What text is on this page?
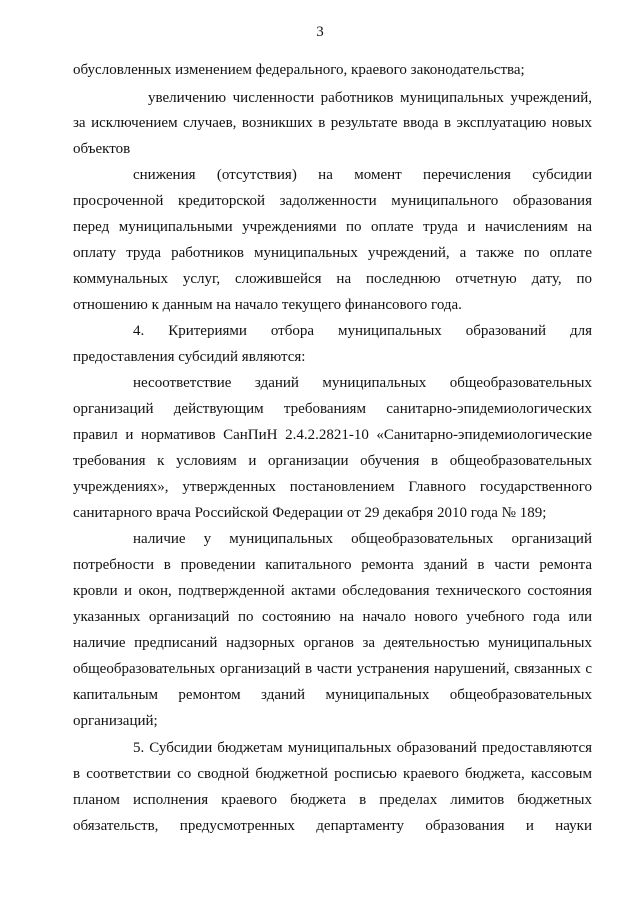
3
обусловленных изменением федерального, краевого законодательства;
увеличению численности работников муниципальных учреждений,
за исключением случаев, возникших в результате ввода в эксплуатацию новых
объектов
снижения (отсутствия) на момент перечисления субсидии
просроченной кредиторской задолженности муниципального образования
перед муниципальными учреждениями по оплате труда и начислениям на
оплату труда работников муниципальных учреждений, а также по оплате
коммунальных услуг, сложившейся на последнюю отчетную дату, по
отношению к данным на начало текущего финансового года.
4. Критериями отбора муниципальных образований для
предоставления субсидий являются:
несоответствие зданий муниципальных общеобразовательных
организаций действующим требованиям санитарно-эпидемиологических
правил и нормативов СанПиН 2.4.2.2821-10 «Санитарно-эпидемиологические
требования к условиям и организации обучения в общеобразовательных
учреждениях», утвержденных постановлением Главного государственного
санитарного врача Российской Федерации от 29 декабря 2010 года № 189;
наличие у муниципальных общеобразовательных организаций
потребности в проведении капитального ремонта зданий в части ремонта
кровли и окон, подтвержденной актами обследования технического состояния
указанных организаций по состоянию на начало нового учебного года или
наличие предписаний надзорных органов за деятельностью муниципальных
общеобразовательных организаций в части устранения нарушений, связанных с
капитальным ремонтом зданий муниципальных общеобразовательных
организаций;
5. Субсидии бюджетам муниципальных образований предоставляются
в соответствии со сводной бюджетной росписью краевого бюджета, кассовым
планом исполнения краевого бюджета в пределах лимитов бюджетных
обязательств, предусмотренных департаменту образования и науки
